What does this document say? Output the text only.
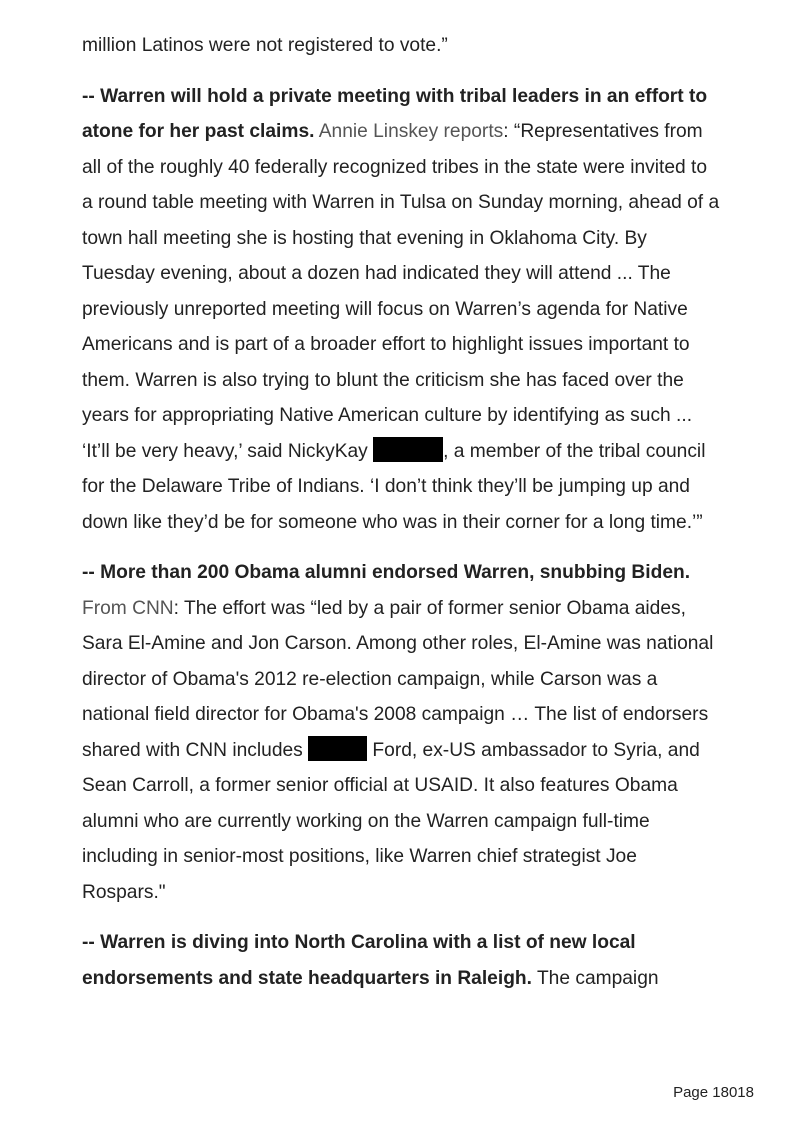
million Latinos were not registered to vote.”

-- Warren will hold a private meeting with tribal leaders in an effort to atone for her past claims. Annie Linskey reports: “Representatives from all of the roughly 40 federally recognized tribes in the state were invited to a round table meeting with Warren in Tulsa on Sunday morning, ahead of a town hall meeting she is hosting that evening in Oklahoma City. By Tuesday evening, about a dozen had indicated they will attend ... The previously unreported meeting will focus on Warren’s agenda for Native Americans and is part of a broader effort to highlight issues important to them. Warren is also trying to blunt the criticism she has faced over the years for appropriating Native American culture by identifying as such ... ‘It’ll be very heavy,’ said NickyKay	, a member of the tribal council for the Delaware Tribe of Indians. ‘I don’t think they’ll be jumping up and down like they’d be for someone who was in their corner for a long time.’”

-- More than 200 Obama alumni endorsed Warren, snubbing Biden. From CNN: The effort was “led by a pair of former senior Obama aides, Sara El-Amine and Jon Carson. Among other roles, El-Amine was national director of Obama's 2012 re-election campaign, while Carson was a national field director for Obama's 2008 campaign … The list of endorsers shared with CNN includes	Ford, ex-US ambassador to Syria, and Sean Carroll, a former senior official at USAID. It also features Obama alumni who are currently working on the Warren campaign full-time including in senior-most positions, like Warren chief strategist Joe Rospars."

-- Warren is diving into North Carolina with a list of new local endorsements and state headquarters in Raleigh. The campaign

Page 18018
